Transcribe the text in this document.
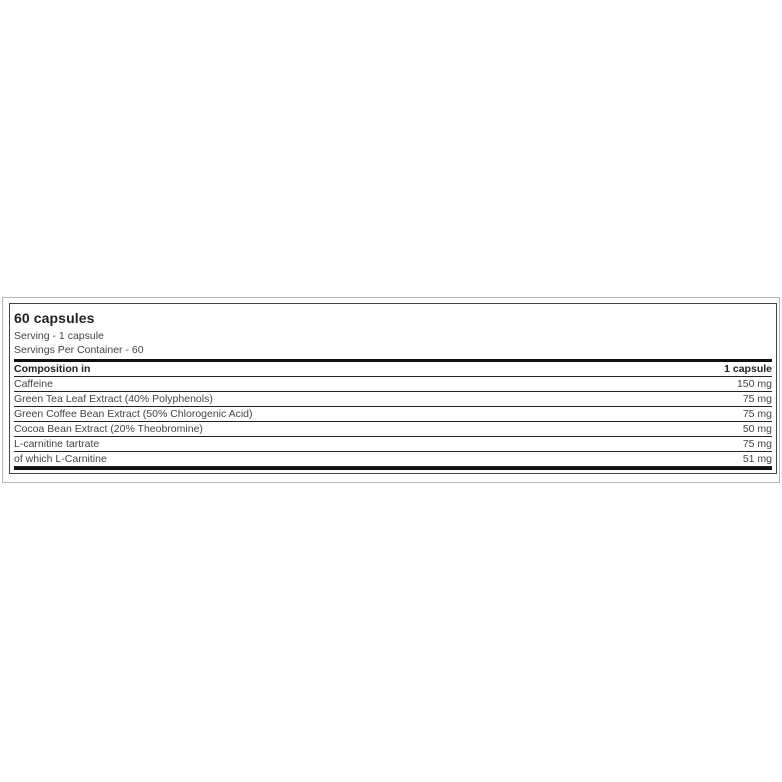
60 capsules
Serving - 1 capsule
Servings Per Container - 60
Composition in	1 capsule
Caffeine	150 mg
Green Tea Leaf Extract (40% Polyphenols)	75 mg
Green Coffee Bean Extract (50% Chlorogenic Acid)	75 mg
Cocoa Bean Extract (20% Theobromine)	50 mg
L-carnitine tartrate	75 mg
of which L-Carnitine	51 mg
